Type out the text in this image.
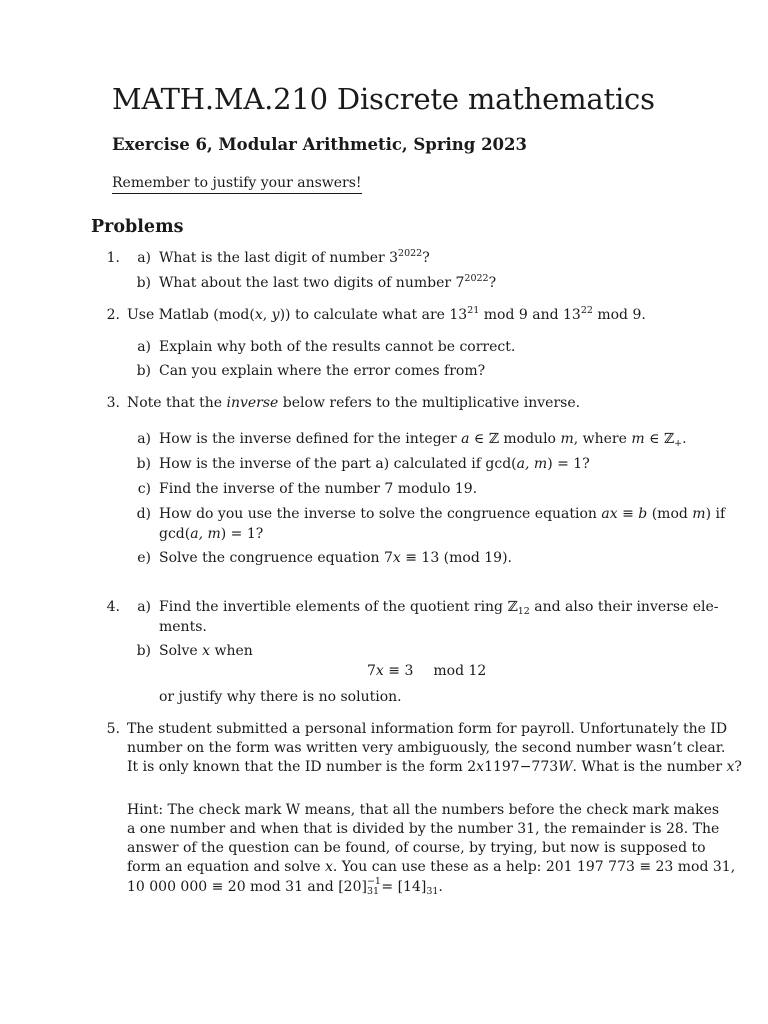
MATH.MA.210 Discrete mathematics
Exercise 6, Modular Arithmetic, Spring 2023
Remember to justify your answers!
Problems
1. a) What is the last digit of number $3^{2022}$?
b) What about the last two digits of number $7^{2022}$?
2. Use Matlab (mod(x, y)) to calculate what are $13^{21}$ mod 9 and $13^{22}$ mod 9.
a) Explain why both of the results cannot be correct.
b) Can you explain where the error comes from?
3. Note that the inverse below refers to the multiplicative inverse.
a) How is the inverse defined for the integer a ∈ ℤ modulo m, where m ∈ ℤ$_+$.
b) How is the inverse of the part a) calculated if gcd(a, m) = 1?
c) Find the inverse of the number 7 modulo 19.
d) How do you use the inverse to solve the congruence equation ax ≡ b (mod m) if
gcd(a, m) = 1?
e) Solve the congruence equation 7x ≡ 13 (mod 19).
4. a) Find the invertible elements of the quotient ring ℤ$_{12}$ and also their inverse ele-
ments.
b) Solve x when
7x ≡ 3 mod 12
or justify why there is no solution.
5. The student submitted a personal information form for payroll. Unfortunately the ID
number on the form was written very ambiguously, the second number wasn’t clear.
It is only known that the ID number is the form 2x1197−773W. What is the number x?
Hint: The check mark W means, that all the numbers before the check mark makes
a one number and when that is divided by the number 31, the remainder is 28. The
answer of the question can be found, of course, by trying, but now is supposed to
form an equation and solve x. You can use these as a help: 201 197 773 ≡ 23 mod 31,
10 000 000 ≡ 20 mod 31 and [20] −1
31
= $[14]_{31}$.
